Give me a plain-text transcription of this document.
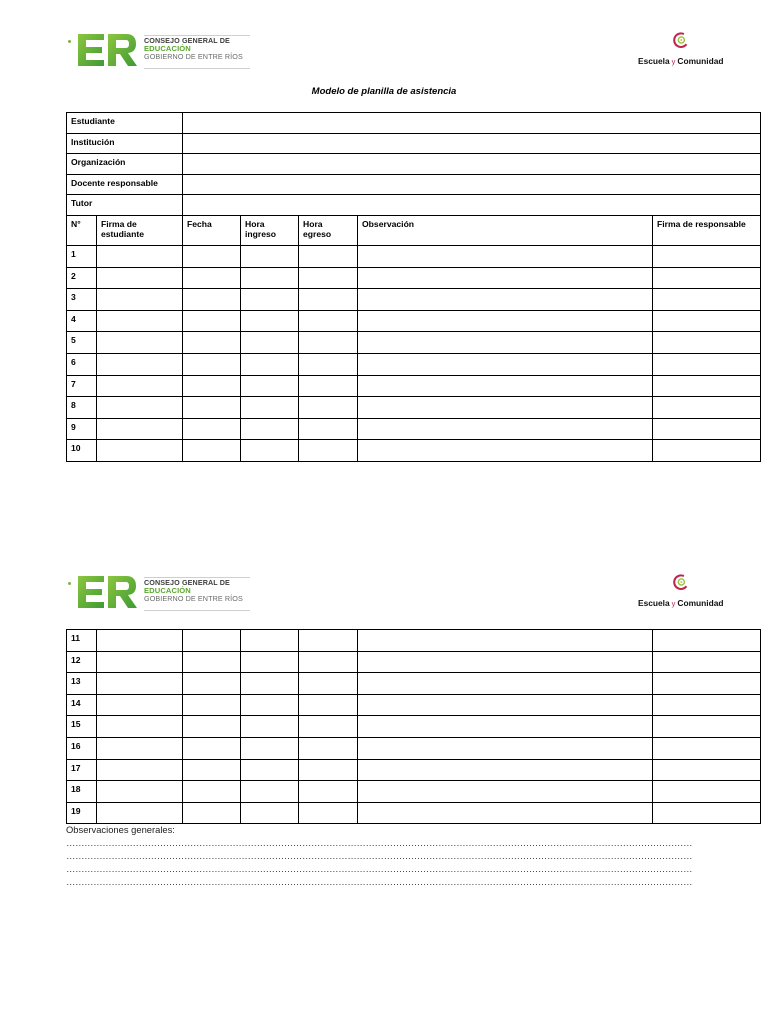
CONSEJO GENERAL DE
EDUCACIÓN
GOBIERNO DE ENTRE RÍOS	Escuela y Comunidad
Modelo de planilla de asistencia
Estudiante						
Institución						
Organización						
Docente responsable						
Tutor						
N°	Firma de estudiante	Fecha	Hora ingreso	Hora egreso	Observación	Firma de responsable
1						
2						
3						
4						
5						
6						
7						
8						
9						
10						
CONSEJO GENERAL DE
EDUCACIÓN
GOBIERNO DE ENTRE RÍOS	Escuela y Comunidad
11						
12						
13						
14						
15						
16						
17						
18						
19						
Observaciones generales:
………………………………………………………………………………………………………………………………………………………………………………………
………………………………………………………………………………………………………………………………………………………………………………………
………………………………………………………………………………………………………………………………………………………………………………………
………………………………………………………………………………………………………………………………………………………………………………………
